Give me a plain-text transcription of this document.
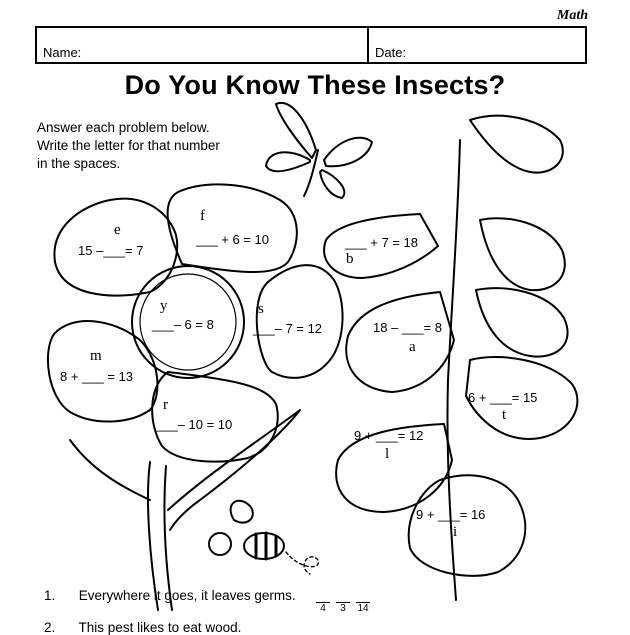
Math
Name:	Date:
Do You Know These Insects?
Answer each problem below.
Write the letter for that number
in the spaces.
e
15 –___= 7
f
___ + 6 = 10
y
___– 6 = 8
s
___– 7 = 12
m
8 + ___ = 13
r
___– 10 = 10
___ + 7 = 18
b
18 – ___= 8
a
6 + ___= 15
t
9 + ___= 12
l
9 + ___= 16
i
1. Everywhere it goes, it leaves germs.
4	3	14
2. This pest likes to eat wood.
